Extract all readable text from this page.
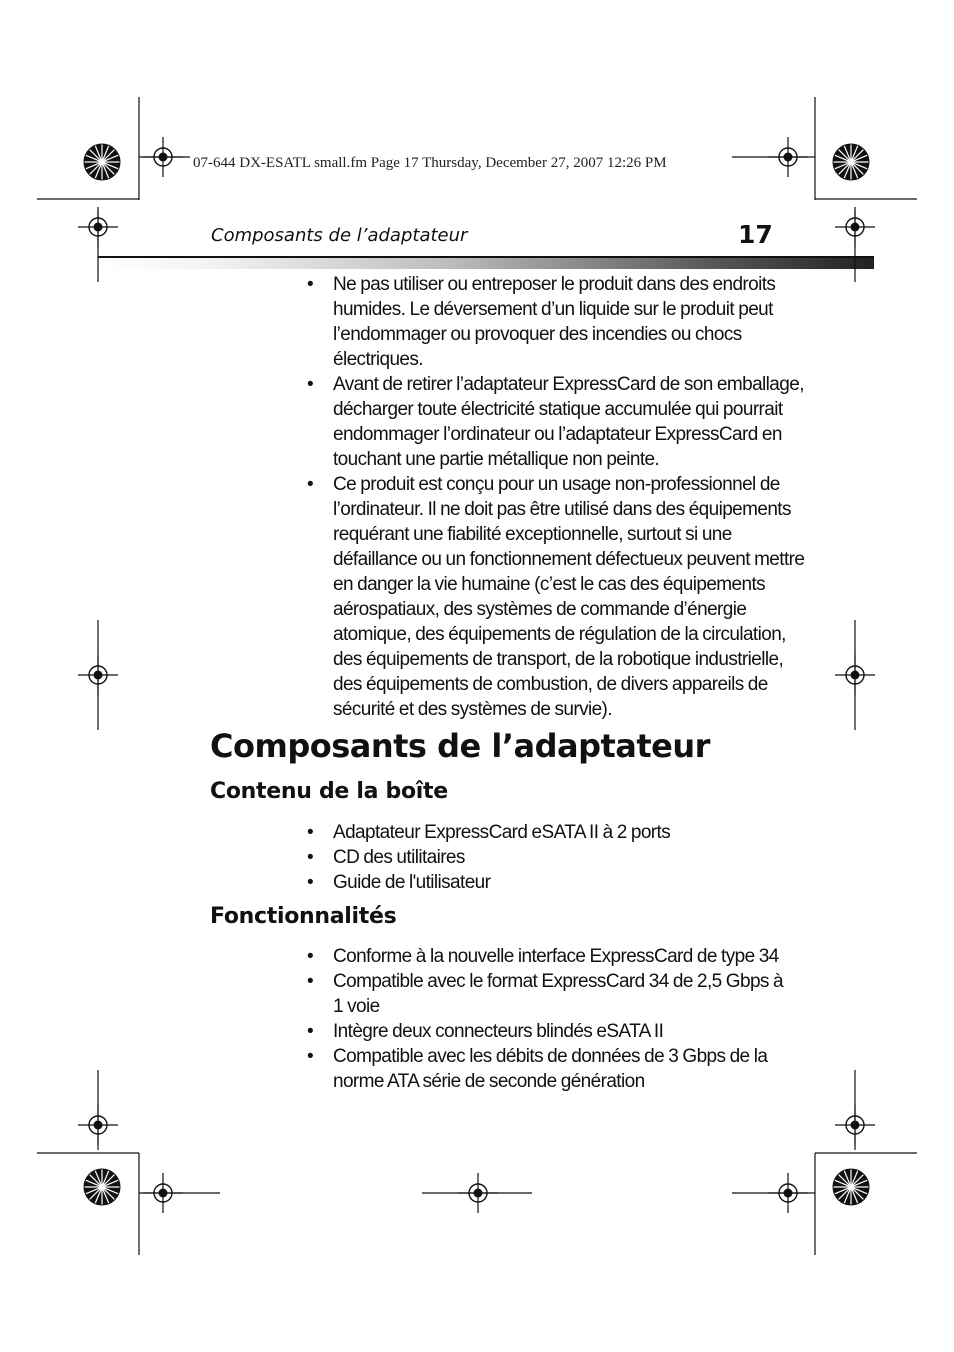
07-644 DX-ESATL small.fm Page 17 Thursday, December 27, 2007 12:26 PM
Composants de l’adaptateur	17
• Ne pas utiliser ou entreposer le produit dans des endroits humides. Le déversement d’un liquide sur le produit peut l’endommager ou provoquer des incendies ou chocs électriques.
• Avant de retirer l’adaptateur ExpressCard de son emballage, décharger toute électricité statique accumulée qui pourrait endommager l’ordinateur ou l’adaptateur ExpressCard en touchant une partie métallique non peinte.
• Ce produit est conçu pour un usage non-professionnel de l’ordinateur. Il ne doit pas être utilisé dans des équipements requérant une fiabilité exceptionnelle, surtout si une défaillance ou un fonctionnement défectueux peuvent mettre en danger la vie humaine (c’est le cas des équipements aérospatiaux, des systèmes de commande d’énergie atomique, des équipements de régulation de la circulation, des équipements de transport, de la robotique industrielle, des équipements de combustion, de divers appareils de sécurité et des systèmes de survie).
Composants de l’adaptateur
Contenu de la boîte
• Adaptateur ExpressCard eSATA II à 2 ports
• CD des utilitaires
• Guide de l'utilisateur
Fonctionnalités
• Conforme à la nouvelle interface ExpressCard de type 34
• Compatible avec le format ExpressCard 34 de 2,5 Gbps à 1 voie
• Intègre deux connecteurs blindés eSATA II
• Compatible avec les débits de données de 3 Gbps de la norme ATA série de seconde génération
